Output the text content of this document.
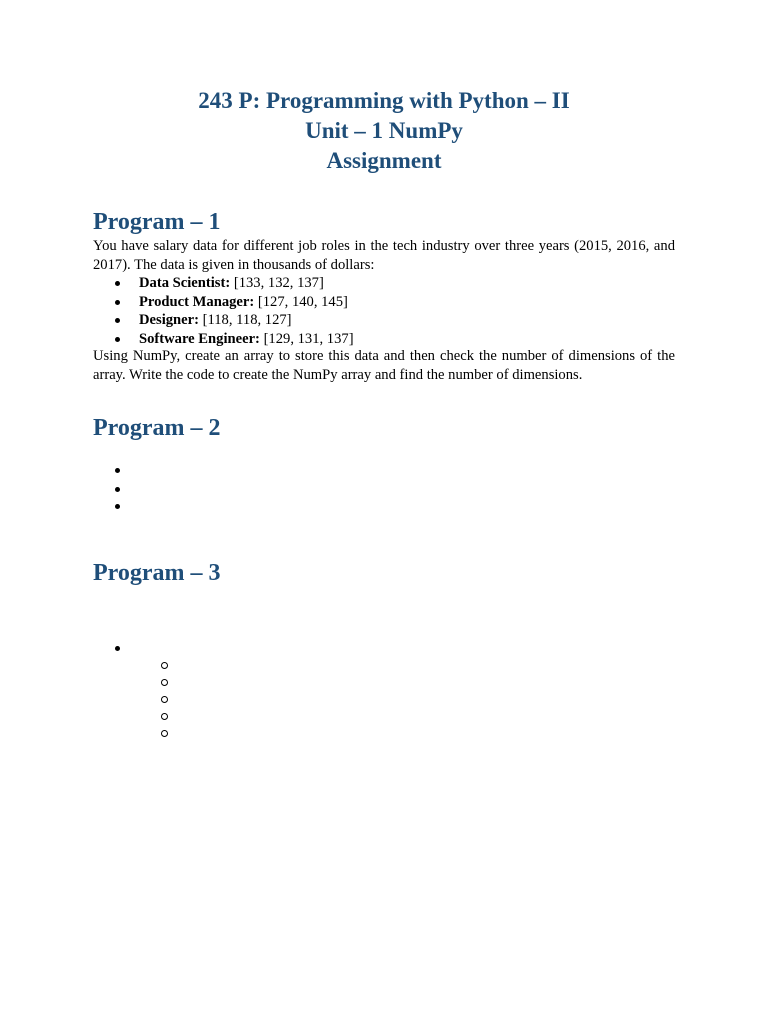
243 P: Programming with Python – II
Unit – 1 NumPy
Assignment
Program – 1

You have salary data for different job roles in the tech industry over three years (2015, 2016, and 2017). The data is given in thousands of dollars:

Data Scientist: [133, 132, 137]
Product Manager: [127, 140, 145]
Designer: [118, 118, 127]
Software Engineer: [129, 131, 137]

Using NumPy, create an array to store this data and then check the number of dimensions of the array. Write the code to create the NumPy array and find the number of dimensions.

Program – 2
Program – 3
